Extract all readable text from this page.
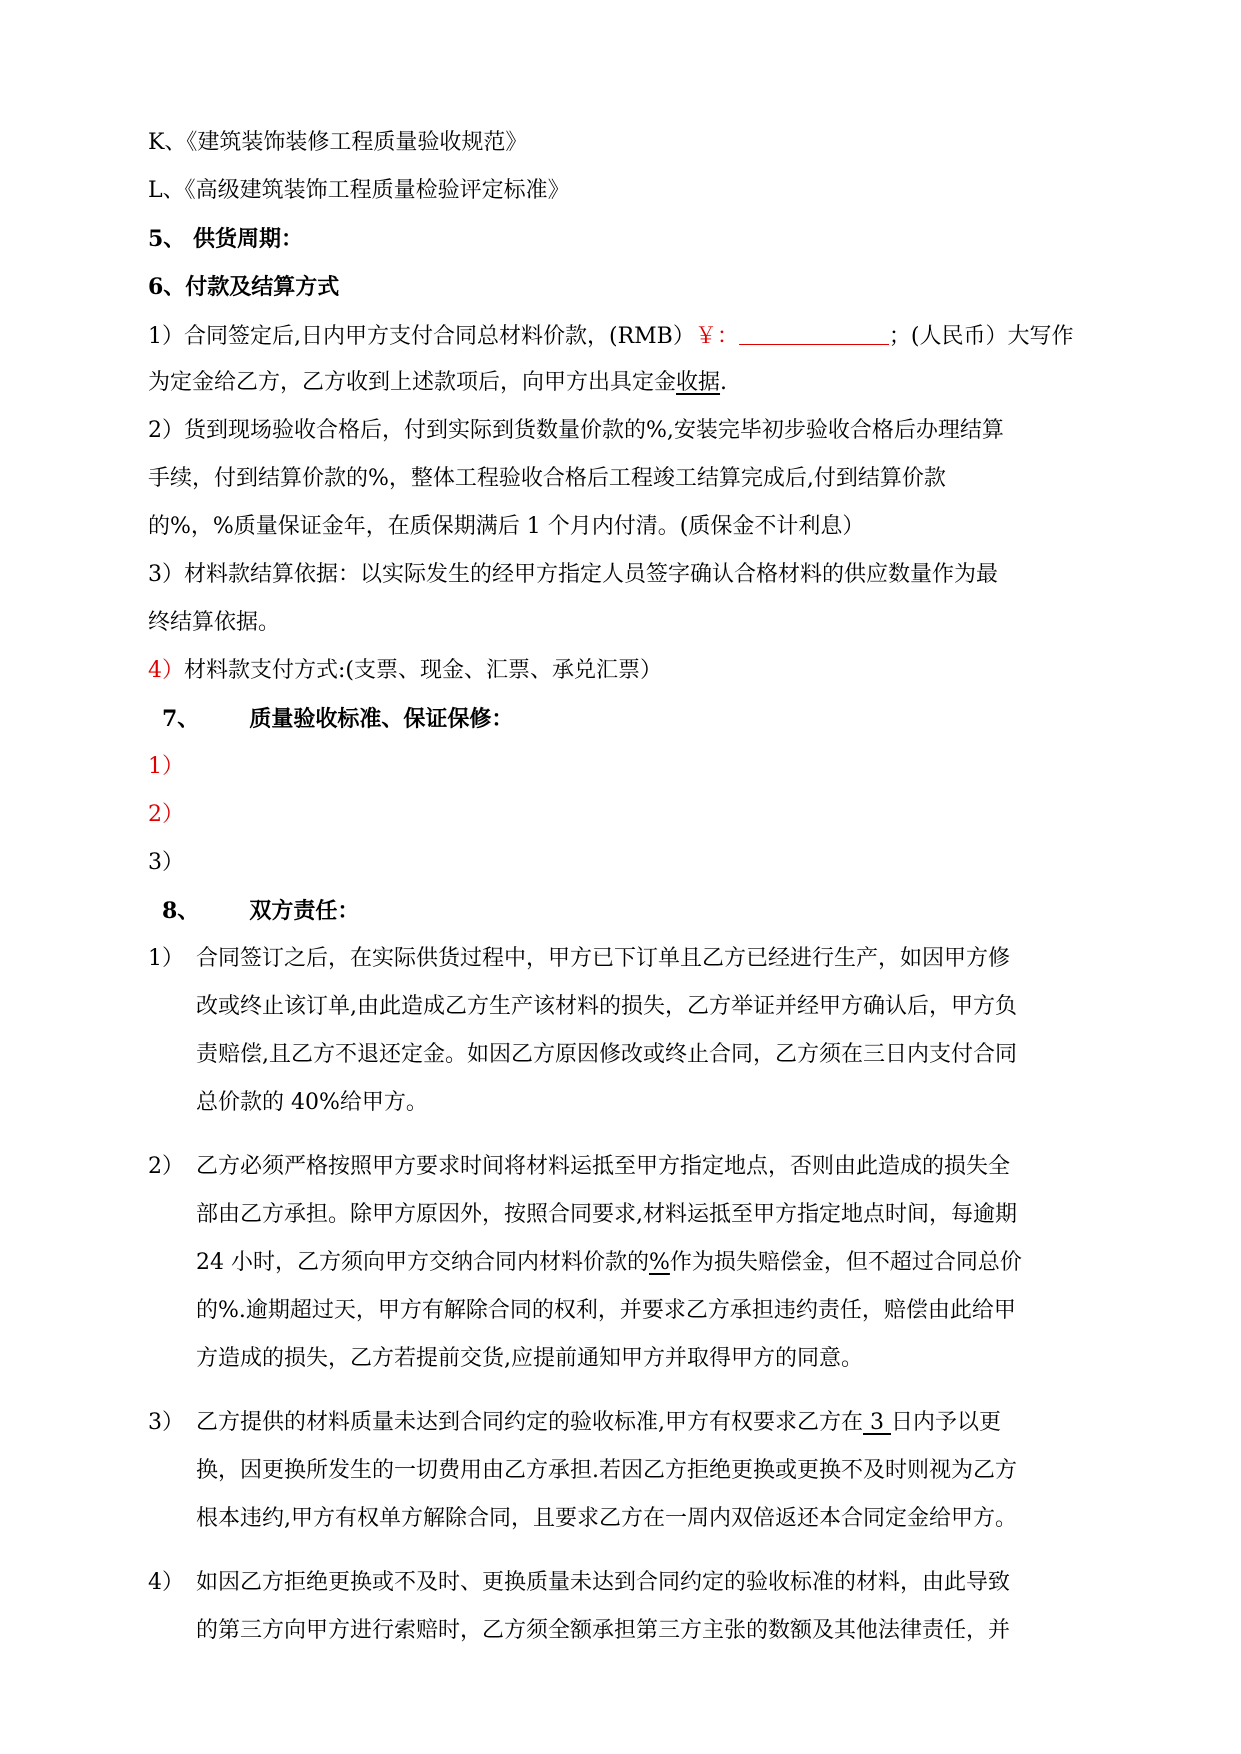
K、《建筑装饰装修工程质量验收规范》
L、《高级建筑装饰工程质量检验评定标准》
5、 供货周期：
6、付款及结算方式
1）合同签定后,日内甲方支付合同总材料价款，(RMB）￥：	；(人民币）大写作
为定金给乙方，乙方收到上述款项后，向甲方出具定金收据.
2）货到现场验收合格后，付到实际到货数量价款的%,安装完毕初步验收合格后办理结算
手续，付到结算价款的%，整体工程验收合格后工程竣工结算完成后,付到结算价款
的%，%质量保证金年，在质保期满后 1 个月内付清。(质保金不计利息）
3）材料款结算依据：以实际发生的经甲方指定人员签字确认合格材料的供应数量作为最
终结算依据。
4）材料款支付方式:(支票、现金、汇票、承兑汇票）
7、 质量验收标准、保证保修：
1）
2）
3）
8、 双方责任：
1） 合同签订之后，在实际供货过程中，甲方已下订单且乙方已经进行生产，如因甲方修
改或终止该订单,由此造成乙方生产该材料的损失，乙方举证并经甲方确认后，甲方负
责赔偿,且乙方不退还定金。如因乙方原因修改或终止合同，乙方须在三日内支付合同
总价款的 40%给甲方。
2） 乙方必须严格按照甲方要求时间将材料运抵至甲方指定地点，否则由此造成的损失全
部由乙方承担。除甲方原因外，按照合同要求,材料运抵至甲方指定地点时间，每逾期
24 小时，乙方须向甲方交纳合同内材料价款的%作为损失赔偿金，但不超过合同总价
的%.逾期超过天，甲方有解除合同的权利，并要求乙方承担违约责任，赔偿由此给甲
方造成的损失，乙方若提前交货,应提前通知甲方并取得甲方的同意。
3） 乙方提供的材料质量未达到合同约定的验收标准,甲方有权要求乙方在 3 日内予以更
换，因更换所发生的一切费用由乙方承担.若因乙方拒绝更换或更换不及时则视为乙方
根本违约,甲方有权单方解除合同，且要求乙方在一周内双倍返还本合同定金给甲方。
4） 如因乙方拒绝更换或不及时、更换质量未达到合同约定的验收标准的材料，由此导致
的第三方向甲方进行索赔时，乙方须全额承担第三方主张的数额及其他法律责任，并
